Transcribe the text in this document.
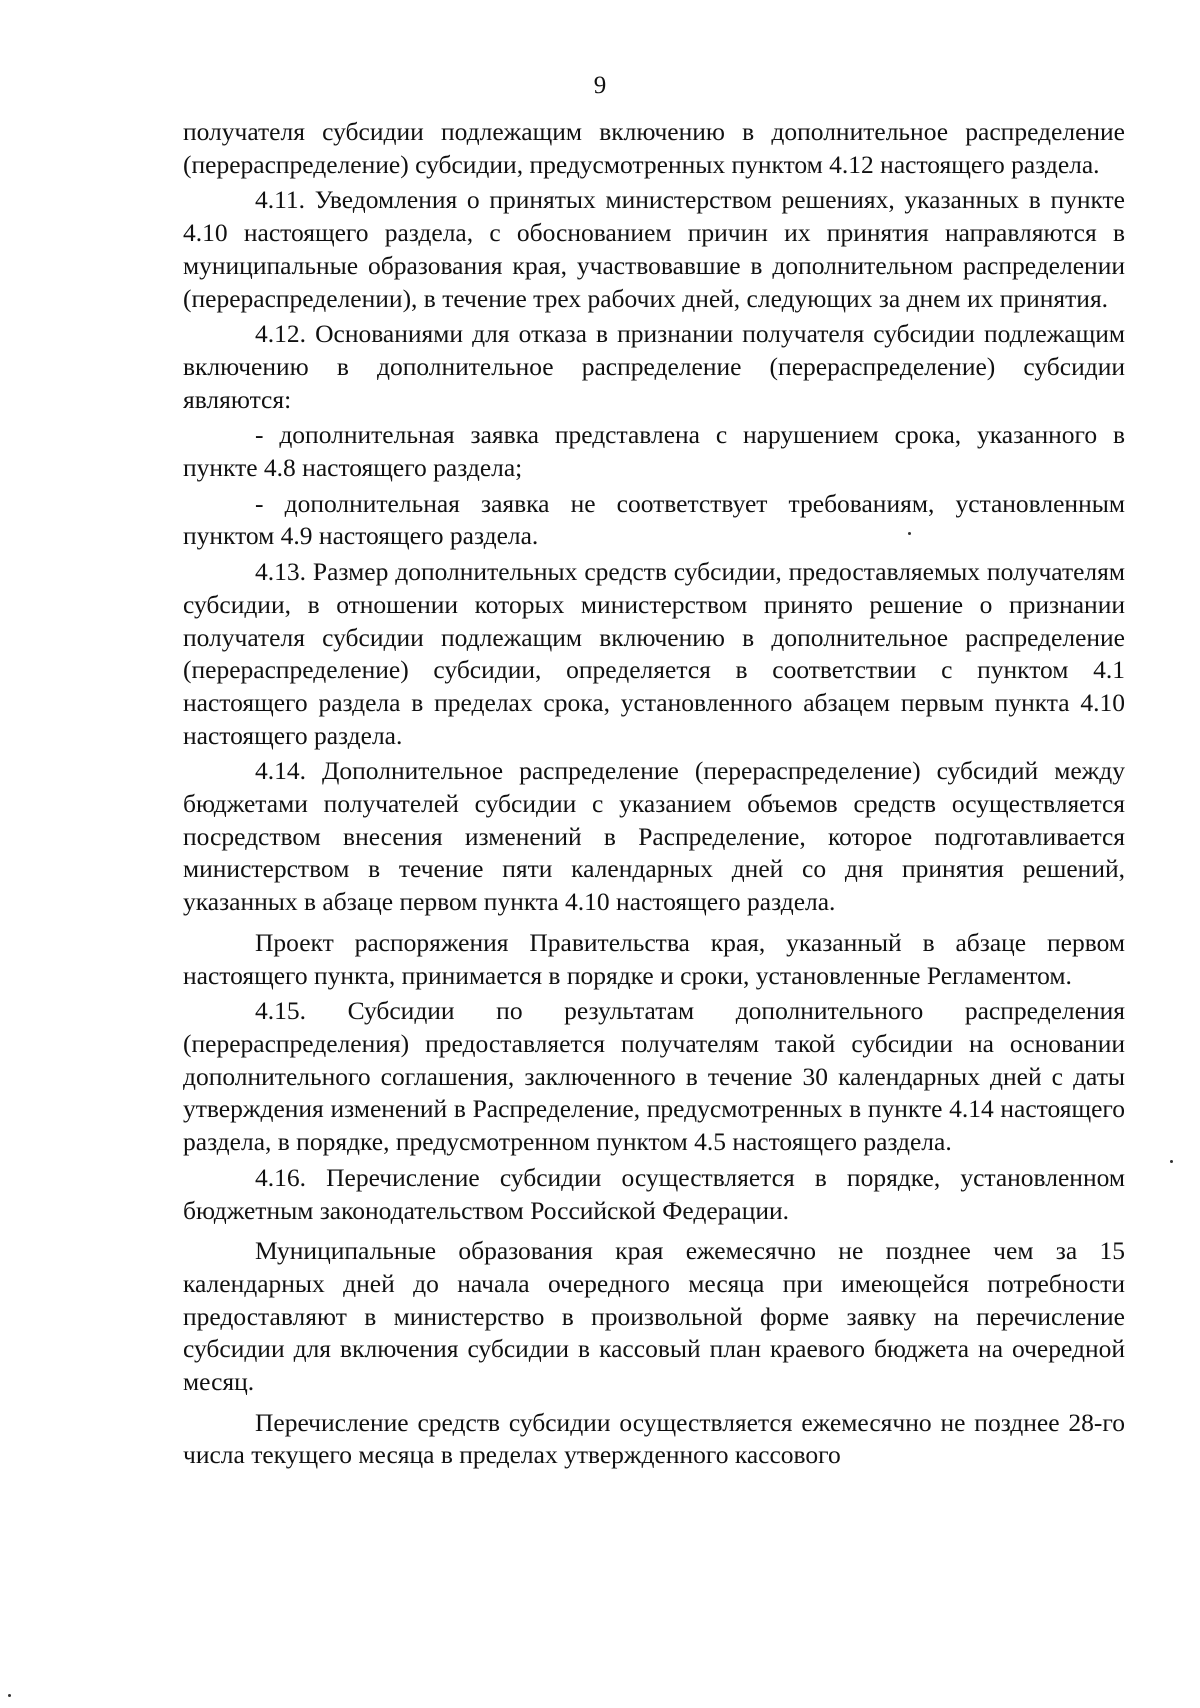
9

получателя субсидии подлежащим включению в дополнительное распределение (перераспределение) субсидии, предусмотренных пунктом 4.12 настоящего раздела.

4.11. Уведомления о принятых министерством решениях, указанных в пункте 4.10 настоящего раздела, с обоснованием причин их принятия направляются в муниципальные образования края, участвовавшие в дополнительном распределении (перераспределении), в течение трех рабочих дней, следующих за днем их принятия.

4.12. Основаниями для отказа в признании получателя субсидии подлежащим включению в дополнительное распределение (перераспределение) субсидии являются:

- дополнительная заявка представлена с нарушением срока, указанного в пункте 4.8 настоящего раздела;

- дополнительная заявка не соответствует требованиям, установленным пунктом 4.9 настоящего раздела.

4.13. Размер дополнительных средств субсидии, предоставляемых получателям субсидии, в отношении которых министерством принято решение о признании получателя субсидии подлежащим включению в дополнительное распределение (перераспределение) субсидии, определяется в соответствии с пунктом 4.1 настоящего раздела в пределах срока, установленного абзацем первым пункта 4.10 настоящего раздела.

4.14. Дополнительное распределение (перераспределение) субсидий между бюджетами получателей субсидии с указанием объемов средств осуществляется посредством внесения изменений в Распределение, которое подготавливается министерством в течение пяти календарных дней со дня принятия решений, указанных в абзаце первом пункта 4.10 настоящего раздела.

Проект распоряжения Правительства края, указанный в абзаце первом настоящего пункта, принимается в порядке и сроки, установленные Регламентом.

4.15. Субсидии по результатам дополнительного распределения (перераспределения) предоставляется получателям такой субсидии на основании дополнительного соглашения, заключенного в течение 30 календарных дней с даты утверждения изменений в Распределение, предусмотренных в пункте 4.14 настоящего раздела, в порядке, предусмотренном пунктом 4.5 настоящего раздела.

4.16. Перечисление субсидии осуществляется в порядке, установленном бюджетным законодательством Российской Федерации.

Муниципальные образования края ежемесячно не позднее чем за 15 календарных дней до начала очередного месяца при имеющейся потребности предоставляют в министерство в произвольной форме заявку на перечисление субсидии для включения субсидии в кассовый план краевого бюджета на очередной месяц.

Перечисление средств субсидии осуществляется ежемесячно не позднее 28-го числа текущего месяца в пределах утвержденного кассового
